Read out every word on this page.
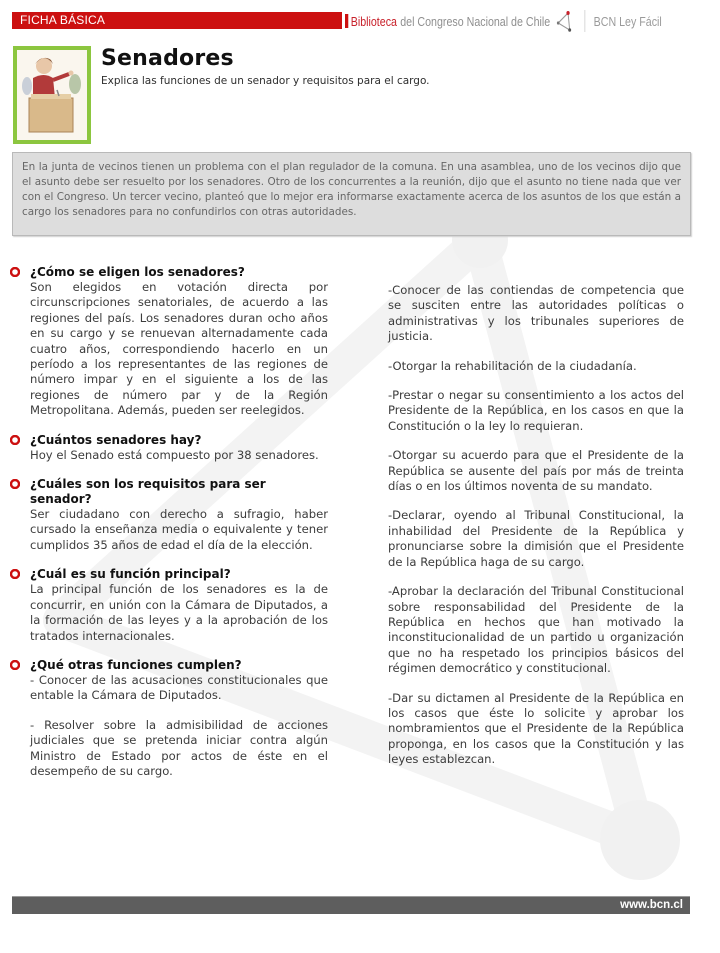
FICHA BÁSICA	Biblioteca del Congreso Nacional de Chile	BCN Ley Fácil
Senadores
Explica las funciones de un senador y requisitos para el cargo.
En la junta de vecinos tienen un problema con el plan regulador de la comuna. En una asamblea, uno de los vecinos dijo que el asunto debe ser resuelto por los senadores. Otro de los concurrentes a la reunión, dijo que el asunto no tiene nada que ver con el Congreso. Un tercer vecino, planteó que lo mejor era informarse exactamente acerca de los asuntos de los que están a cargo los senadores para no confundirlos con otras autoridades.
¿Cómo se eligen los senadores?

Son elegidos en votación directa por circunscripciones senatoriales, de acuerdo a las regiones del país. Los senadores duran ocho años en su cargo y se renuevan alternadamente cada cuatro años, correspondiendo hacerlo en un período a los representantes de las regiones de número impar y en el siguiente a los de las regiones de número par y de la Región Metropolitana. Además, pueden ser reelegidos.

¿Cuántos senadores hay?

Hoy el Senado está compuesto por 38 senadores.

¿Cuáles son los requisitos para ser senador?

Ser ciudadano con derecho a sufragio, haber cursado la enseñanza media o equivalente y tener cumplidos 35 años de edad el día de la elección.

¿Cuál es su función principal?

La principal función de los senadores es la de concurrir, en unión con la Cámara de Diputados, a la formación de las leyes y a la aprobación de los tratados internacionales.

¿Qué otras funciones cumplen?

- Conocer de las acusaciones constitucionales que entable la Cámara de Diputados.

- Resolver sobre la admisibilidad de acciones judiciales que se pretenda iniciar contra algún Ministro de Estado por actos de éste en el desempeño de su cargo.

-Conocer de las contiendas de competencia que se susciten entre las autoridades políticas o administrativas y los tribunales superiores de justicia.

-Otorgar la rehabilitación de la ciudadanía.

-Prestar o negar su consentimiento a los actos del Presidente de la República, en los casos en que la Constitución o la ley lo requieran.

-Otorgar su acuerdo para que el Presidente de la República se ausente del país por más de treinta días o en los últimos noventa de su mandato.

-Declarar, oyendo al Tribunal Constitucional, la inhabilidad del Presidente de la República y pronunciarse sobre la dimisión que el Presidente de la República haga de su cargo.

-Aprobar la declaración del Tribunal Constitucional sobre responsabilidad del Presidente de la República en hechos que han motivado la inconstitucionalidad de un partido u organización que no ha respetado los principios básicos del régimen democrático y constitucional.

-Dar su dictamen al Presidente de la República en los casos que éste lo solicite y aprobar los nombramientos que el Presidente de la República proponga, en los casos que la Constitución y las leyes establezcan.

www.bcn.cl
